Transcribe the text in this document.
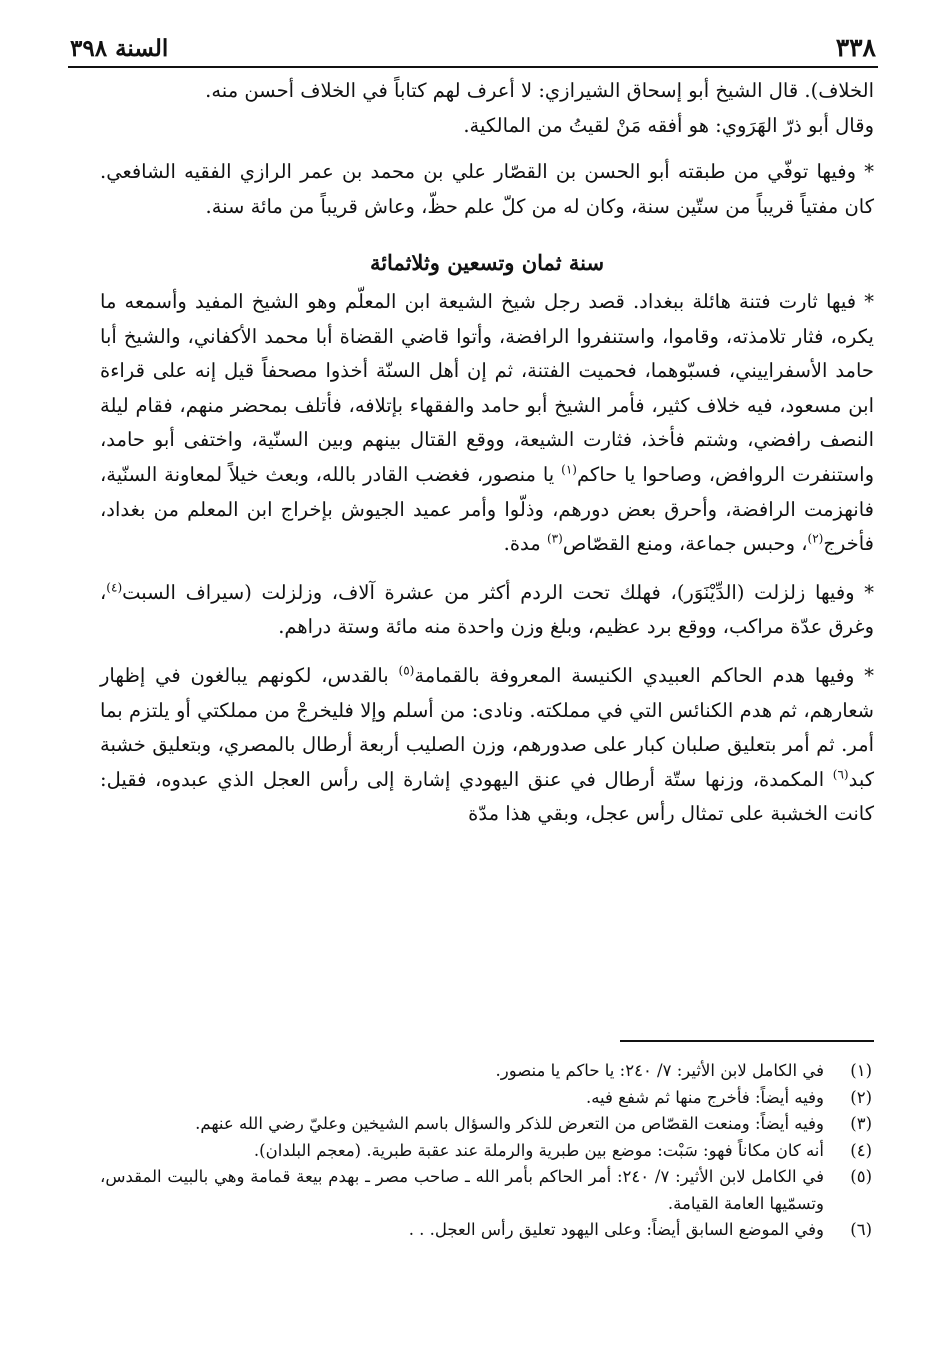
السنة ٣٩٨	٣٣٨

الخلاف). قال الشيخ أبو إسحاق الشيرازي: لا أعرف لهم كتاباً في الخلاف أحسن منه.

وقال أبو ذرّ الهَرَوي: هو أفقه مَنْ لقيتُ من المالكية.

* وفيها توفّي من طبقته أبو الحسن بن القصّار علي بن محمد بن عمر الرازي الفقيه الشافعي. كان مفتياً قريباً من ستّين سنة، وكان له من كلّ علم حظّ، وعاش قريباً من مائة سنة.

سنة ثمان وتسعين وثلاثمائة

* فيها ثارت فتنة هائلة ببغداد. قصد رجل شيخ الشيعة ابن المعلّم وهو الشيخ المفيد وأسمعه ما يكره، فثار تلامذته، وقاموا، واستنفروا الرافضة، وأتوا قاضي القضاة أبا محمد الأكفاني، والشيخ أبا حامد الأسفراييني، فسبّوهما، فحميت الفتنة، ثم إن أهل السنّة أخذوا مصحفاً قيل إنه على قراءة ابن مسعود، فيه خلاف كثير، فأمر الشيخ أبو حامد والفقهاء بإتلافه، فأتلف بمحضر منهم، فقام ليلة النصف رافضي، وشتم فأخذ، فثارت الشيعة، ووقع القتال بينهم وبين السنّية، واختفى أبو حامد، واستنفرت الروافض، وصاحوا يا حاكم$^{(١)}$ يا منصور، فغضب القادر بالله، وبعث خيلاً لمعاونة السنّية، فانهزمت الرافضة، وأحرق بعض دورهم، وذلّوا وأمر عميد الجيوش بإخراج ابن المعلم من بغداد، فأخرج$^{(٢)}$، وحبس جماعة، ومنع القصّاص$^{(٣)}$ مدة.

* وفيها زلزلت (الدِّيْنَوَر)، فهلك تحت الردم أكثر من عشرة آلاف، وزلزلت (سيراف السبت$^{(٤)}$، وغرق عدّة مراكب، ووقع برد عظيم، وبلغ وزن واحدة منه مائة وستة دراهم.

* وفيها هدم الحاكم العبيدي الكنيسة المعروفة بالقمامة$^{(٥)}$ بالقدس، لكونهم يبالغون في إظهار شعارهم، ثم هدم الكنائس التي في مملكته. ونادى: من أسلم وإلا فليخرجْ من مملكتي أو يلتزم بما أمر. ثم أمر بتعليق صلبان كبار على صدورهم، وزن الصليب أربعة أرطال بالمصري، وبتعليق خشبة كبد$^{(٦)}$ المكمدة، وزنها ستّة أرطال في عنق اليهودي إشارة إلى رأس العجل الذي عبدوه، فقيل: كانت الخشبة على تمثال رأس عجل، وبقي هذا مدّة

(١)
في الكامل لابن الأثير: ٧/ ٢٤٠: يا حاكم يا منصور.
(٢)
وفيه أيضاً: فأخرج منها ثم شفع فيه.
(٣)
وفيه أيضاً: ومنعت القصّاص من التعرض للذكر والسؤال باسم الشيخين وعليّ رضي الله عنهم.
(٤)
أنه كان مكاناً فهو: سَبْت: موضع بين طبرية والرملة عند عقبة طبرية. (معجم البلدان).
(٥)
في الكامل لابن الأثير: ٧/ ٢٤٠: أمر الحاكم بأمر الله ـ صاحب مصر ـ بهدم بيعة قمامة وهي بالبيت المقدس، وتسمّيها العامة القيامة.
(٦)
وفي الموضع السابق أيضاً: وعلى اليهود تعليق رأس العجل. . .
